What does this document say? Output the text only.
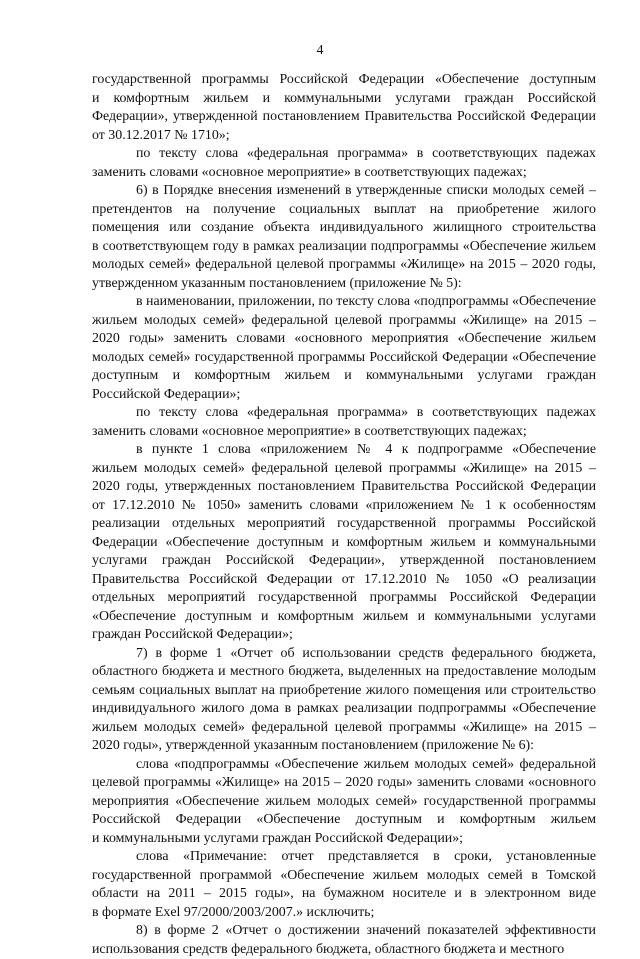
4
государственной программы Российской Федерации «Обеспечение доступным
и комфортным жильем и коммунальными услугами граждан Российской
Федерации», утвержденной постановлением Правительства Российской Федерации
от 30.12.2017 № 1710»;
по тексту слова «федеральная программа» в соответствующих падежах
заменить словами «основное мероприятие» в соответствующих падежах;
6) в Порядке внесения изменений в утвержденные списки молодых семей –
претендентов на получение социальных выплат на приобретение жилого
помещения или создание объекта индивидуального жилищного строительства
в соответствующем году в рамках реализации подпрограммы «Обеспечение жильем
молодых семей» федеральной целевой программы «Жилище» на 2015 – 2020 годы,
утвержденном указанным постановлением (приложение № 5):
в наименовании, приложении, по тексту слова «подпрограммы «Обеспечение
жильем молодых семей» федеральной целевой программы «Жилище» на 2015 –
2020 годы» заменить словами «основного мероприятия «Обеспечение жильем
молодых семей» государственной программы Российской Федерации «Обеспечение
доступным и комфортным жильем и коммунальными услугами граждан
Российской Федерации»;
по тексту слова «федеральная программа» в соответствующих падежах
заменить словами «основное мероприятие» в соответствующих падежах;
в пункте 1 слова «приложением № 4 к подпрограмме «Обеспечение
жильем молодых семей» федеральной целевой программы «Жилище» на 2015 –
2020 годы, утвержденных постановлением Правительства Российской Федерации
от 17.12.2010 № 1050» заменить словами «приложением № 1 к особенностям
реализации отдельных мероприятий государственной программы Российской
Федерации «Обеспечение доступным и комфортным жильем и коммунальными
услугами граждан Российской Федерации», утвержденной постановлением
Правительства Российской Федерации от 17.12.2010 № 1050 «О реализации
отдельных мероприятий государственной программы Российской Федерации
«Обеспечение доступным и комфортным жильем и коммунальными услугами
граждан Российской Федерации»;
7) в форме 1 «Отчет об использовании средств федерального бюджета,
областного бюджета и местного бюджета, выделенных на предоставление молодым
семьям социальных выплат на приобретение жилого помещения или строительство
индивидуального жилого дома в рамках реализации подпрограммы «Обеспечение
жильем молодых семей» федеральной целевой программы «Жилище» на 2015 –
2020 годы», утвержденной указанным постановлением (приложение № 6):
слова «подпрограммы «Обеспечение жильем молодых семей» федеральной
целевой программы «Жилище» на 2015 – 2020 годы» заменить словами «основного
мероприятия «Обеспечение жильем молодых семей» государственной программы
Российской Федерации «Обеспечение доступным и комфортным жильем
и коммунальными услугами граждан Российской Федерации»;
слова «Примечание: отчет представляется в сроки, установленные
государственной программой «Обеспечение жильем молодых семей в Томской
области на 2011 – 2015 годы», на бумажном носителе и в электронном виде
в формате Exel 97/2000/2003/2007.» исключить;
8) в форме 2 «Отчет о достижении значений показателей эффективности
использования средств федерального бюджета, областного бюджета и местного
